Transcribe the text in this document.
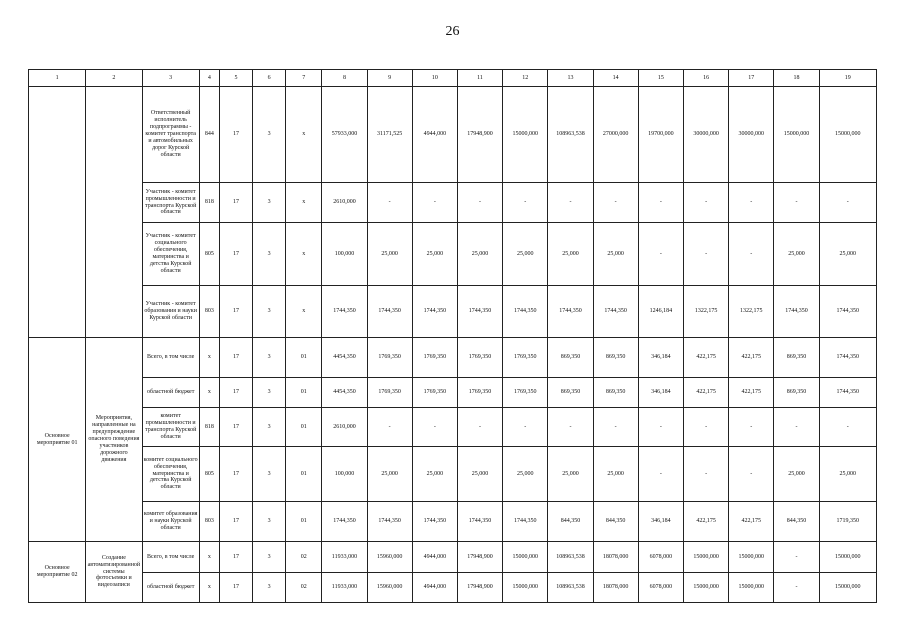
26
1	2	3	4	5	6	7	8	9	10	11	12	13	14	15	16	17	18	19
		Ответственный исполнитель подпрограммы - комитет транспорта и автомобильных дорог Курской области	844	17	3	x	57933,000	31171,525	4944,000	17948,900	15000,000	108963,538	27000,000	19700,000	30000,000	30000,000	15000,000	15000,000
		Участник - комитет промышленности и транспорта Курской области	818	17	3	x	2610,000	-	-	-	-	-	-	-	-	-	-	-
		Участник - комитет социального обеспечения, материнства и детства Курской области	805	17	3	x	100,000	25,000	25,000	25,000	25,000	25,000	25,000	-	-	-	25,000	25,000
		Участник - комитет образования и науки Курской области	803	17	3	x	1744,350	1744,350	1744,350	1744,350	1744,350	1744,350	1744,350	1246,184	1322,175	1322,175	1744,350	1744,350
Основное мероприятие 01	Мероприятия, направленные на предупреждение опасного поведения участников дорожного движения	Всего, в том числе	x	17	3	01	4454,350	1769,350	1769,350	1769,350	1769,350	869,350	869,350	346,184	422,175	422,175	869,350	1744,350
		областной бюджет	x	17	3	01	4454,350	1769,350	1769,350	1769,350	1769,350	869,350	869,350	346,184	422,175	422,175	869,350	1744,350
		комитет промышленности и транспорта Курской области	818	17	3	01	2610,000	-	-	-	-	-	-	-	-	-	-	-
		комитет социального обеспечения, материнства и детства Курской области	805	17	3	01	100,000	25,000	25,000	25,000	25,000	25,000	25,000	-	-	-	25,000	25,000
		комитет образования и науки Курской области	803	17	3	01	1744,350	1744,350	1744,350	1744,350	1744,350	844,350	844,350	346,184	422,175	422,175	844,350	1719,350
Основное мероприятие 02	Создание автоматизированной системы фотосъемки и видеозаписи	Всего, в том числе	x	17	3	02	11933,000	15960,000	4944,000	17948,900	15000,000	108963,538	18078,000	6078,000	15000,000	15000,000	-	15000,000
		областной бюджет	x	17	3	02	11933,000	15960,000	4944,000	17948,900	15000,000	108963,538	18078,000	6078,000	15000,000	15000,000	-	15000,000
